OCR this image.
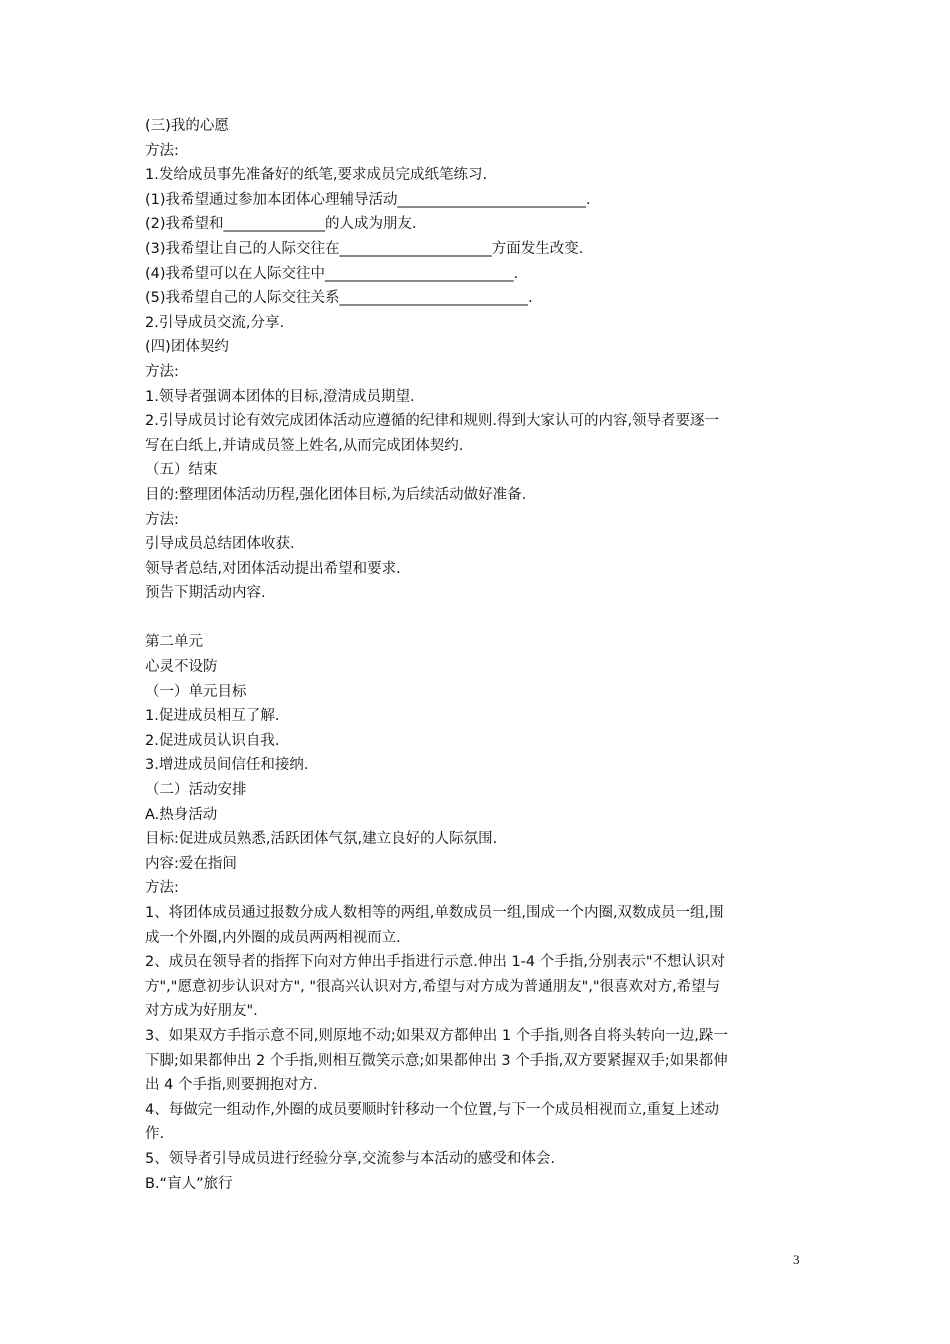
(三)我的心愿

方法:

1.发给成员事先准备好的纸笔,要求成员完成纸笔练习.

(1)我希望通过参加本团体心理辅导活动__________________________.

(2)我希望和______________的人成为朋友.

(3)我希望让自己的人际交往在_____________________方面发生改变.

(4)我希望可以在人际交往中__________________________.

(5)我希望自己的人际交往关系__________________________.

2.引导成员交流,分享.

(四)团体契约

方法:

1.领导者强调本团体的目标,澄清成员期望.

2.引导成员讨论有效完成团体活动应遵循的纪律和规则.得到大家认可的内容,领导者要逐一

写在白纸上,并请成员签上姓名,从而完成团体契约.

（五）结束

目的:整理团体活动历程,强化团体目标,为后续活动做好准备.

方法:

引导成员总结团体收获.

领导者总结,对团体活动提出希望和要求.

预告下期活动内容.

第二单元

心灵不设防

（一）单元目标

1.促进成员相互了解.

2.促进成员认识自我.

3.增进成员间信任和接纳.

（二）活动安排

A.热身活动

目标:促进成员熟悉,活跃团体气氛,建立良好的人际氛围.

内容:爱在指间

方法:

1、将团体成员通过报数分成人数相等的两组,单数成员一组,围成一个内圈,双数成员一组,围

成一个外圈,内外圈的成员两两相视而立.

2、成员在领导者的指挥下向对方伸出手指进行示意.伸出 1-4 个手指,分别表示"不想认识对

方","愿意初步认识对方", "很高兴认识对方,希望与对方成为普通朋友","很喜欢对方,希望与

对方成为好朋友".

3、如果双方手指示意不同,则原地不动;如果双方都伸出 1 个手指,则各自将头转向一边,跺一

下脚;如果都伸出 2 个手指,则相互微笑示意;如果都伸出 3 个手指,双方要紧握双手;如果都伸

出 4 个手指,则要拥抱对方.

4、每做完一组动作,外圈的成员要顺时针移动一个位置,与下一个成员相视而立,重复上述动

作.

5、领导者引导成员进行经验分享,交流参与本活动的感受和体会.

B.“盲人”旅行

3
